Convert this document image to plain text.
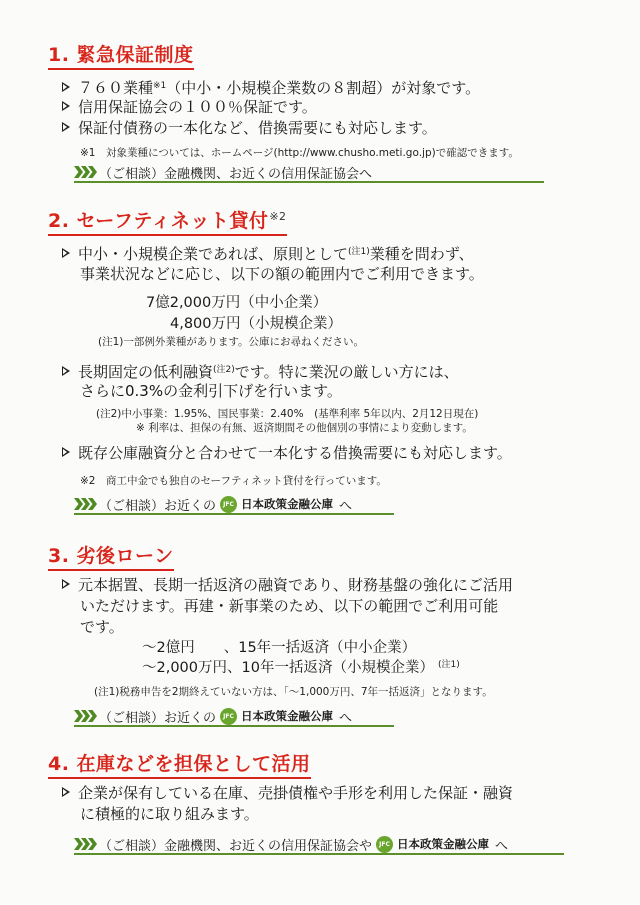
1. 緊急保証制度
７６０業種$^{※1}$（中小・小規模企業数の８割超）が対象です。
信用保証協会の１００％保証です。
保証付債務の一本化など、借換需要にも対応します。
※1　対象業種については、ホームページ(http://www.chusho.meti.go.jp)で確認できます。
（ご相談）金融機関、お近くの信用保証協会へ
2. セーフティネット貸付$^{※2}$
中小・小規模企業であれば、原則として$^{(注1)}$業種を問わず、
事業状況などに応じ、以下の額の範囲内でご利用できます。
7億2,000万円（中小企業）
4,800万円（小規模企業）
(注1)一部例外業種があります。公庫にお尋ねください。
長期固定の低利融資$^{(注2)}$です。特に業況の厳しい方には、
さらに0.3%の金利引下げを行います。
(注2)中小事業：1.95%、国民事業：2.40%　(基準利率 5年以内、2月12日現在)
※ 利率は、担保の有無、返済期間その他個別の事情により変動します。
既存公庫融資分と合わせて一本化する借換需要にも対応します。
※2　商工中金でも独自のセーフティネット貸付を行っています。
（ご相談）お近くの	JFC 日本政策金融公庫 へ
3. 劣後ローン
元本据置、長期一括返済の融資であり、財務基盤の強化にご活用
いただけます。再建・新事業のため、以下の範囲でご利用可能
です。
～2億円　　、15年一括返済（中小企業）
～2,000万円、10年一括返済（小規模企業） $^{(注1)}$
(注1)税務申告を2期終えていない方は、「～1,000万円、7年一括返済」となります。
（ご相談）お近くの	JFC 日本政策金融公庫 へ
4. 在庫などを担保として活用
企業が保有している在庫、売掛債権や手形を利用した保証・融資
に積極的に取り組みます。
（ご相談）金融機関、お近くの信用保証協会や	JFC 日本政策金融公庫 へ
